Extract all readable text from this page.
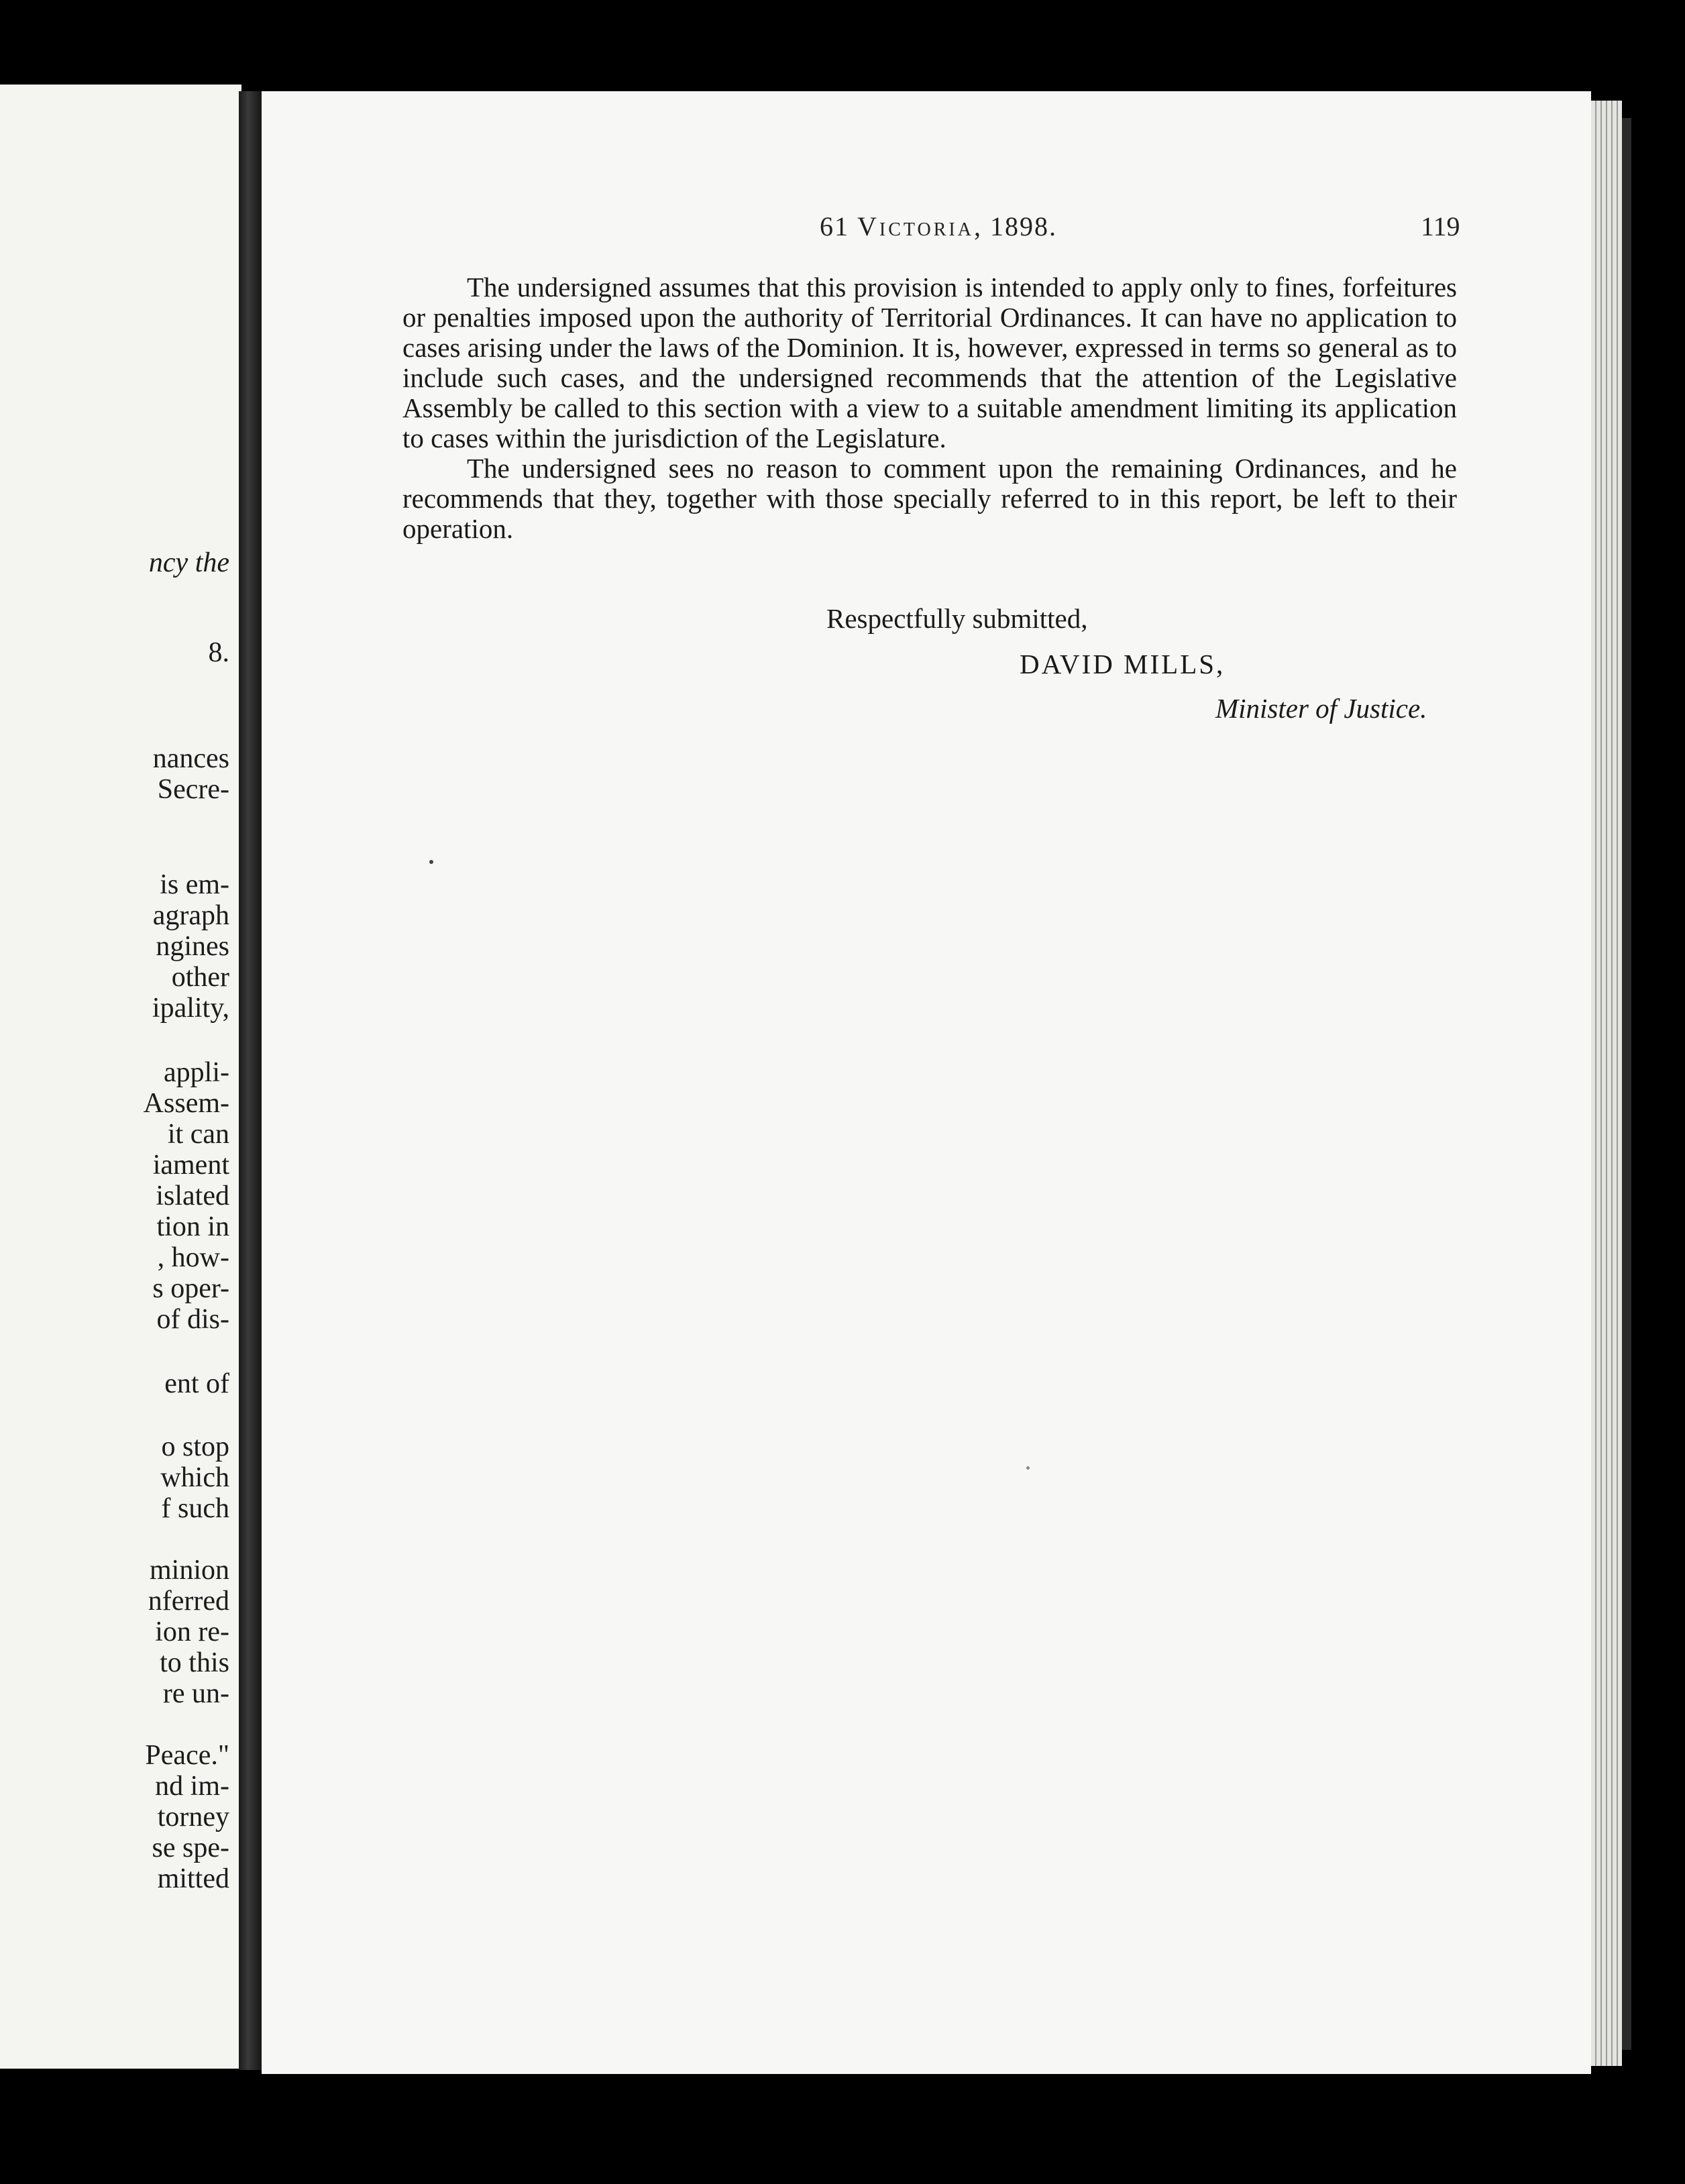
ncy the
8.
nances
Secre-
is em-
agraph
ngines
other
ipality,
appli-
Assem-
it can
iament
islated
tion in
, how-
s oper-
of dis-
ent of
o stop
which
f such
minion
nferred
ion re-
to this
re un-
Peace."
nd im-
torney
se spe-
mitted
61 Victoria, 1898.	119

The undersigned assumes that this provision is intended to apply only to fines, forfeitures or penalties imposed upon the authority of Territorial Ordinances. It can have no application to cases arising under the laws of the Dominion. It is, however, expressed in terms so general as to include such cases, and the undersigned recommends that the attention of the Legislative Assembly be called to this section with a view to a suitable amendment limiting its application to cases within the jurisdiction of the Legislature.

The undersigned sees no reason to comment upon the remaining Ordinances, and he recommends that they, together with those specially referred to in this report, be left to their operation.

Respectfully submitted,
DAVID MILLS,
Minister of Justice.
